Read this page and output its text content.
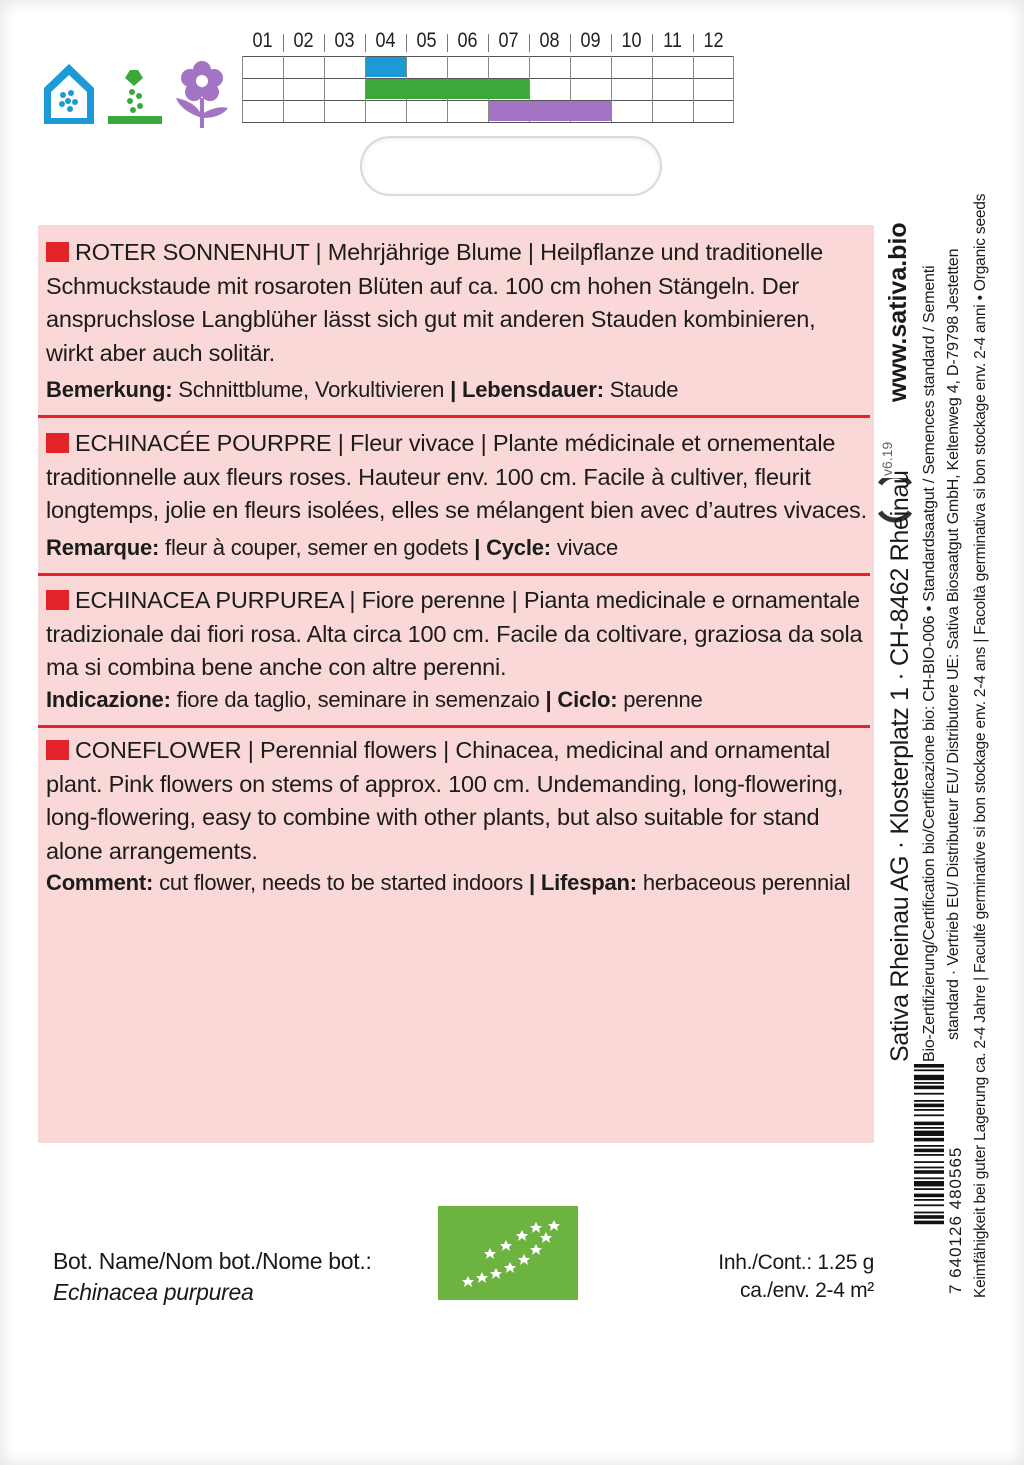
01 02 03 04 05 06 07 08 09 10	11	12

ROTER SONNENHUT | Mehrjährige Blume | Heilpflanze und traditionelle Schmuckstaude mit rosaroten Blüten auf ca. 100 cm hohen Stängeln. Der anspruchslose Langblüher lässt sich gut mit anderen Stauden kombinieren, wirkt aber auch solitär.

Bemerkung: Schnittblume, Vorkultivieren | Lebensdauer: Staude

ECHINACÉE POURPRE | Fleur vivace | Plante médicinale et ornementale traditionnelle aux fleurs roses. Hauteur env. 100 cm. Facile à cultiver, fleurit longtemps, jolie en fleurs isolées, elles se mélangent bien avec d’autres vivaces.

Remarque: fleur à couper, semer en godets | Cycle: vivace

ECHINACEA PURPUREA | Fiore perenne | Pianta medicinale e ornamentale tradizionale dai fiori rosa. Alta circa 100 cm. Facile da coltivare, graziosa da sola ma si combina bene anche con altre perenni.

Indicazione: fiore da taglio, seminare in semenzaio | Ciclo: perenne

CONEFLOWER | Perennial flowers | Chinacea, medicinal and ornamental plant. Pink flowers on stems of approx. 100 cm. Undemanding, long-flowering, long-flowering, easy to combine with other plants, but also suitable for stand alone arrangements.

Comment: cut flower, needs to be started indoors | Lifespan: herbaceous perennial

www.sativa.bio
v6.19
Sativa Rheinau AG · Klosterplatz 1 · CH-8462 Rheinau Bio-Zertifizierung/Certification bio/Certificazione bio: CH-BIO-006 • Standardsaatgut / Semences standard / Sementi standard · Vertrieb EU/ Distributeur EU/ Distributore UE: Sativa Biosaatgut GmbH, Keltenweg 4, D-79798 Jestetten Keimfähigkeit bei guter Lagerung ca. 2-4 Jahre | Faculté germinative si bon stockage env. 2-4 ans | Facoltà germinativa si bon stockage env. 2-4 anni • Organic seeds
7 640126 480565
Bot. Name/Nom bot./Nome bot.:
Echinacea purpurea
Inh./Cont.: 1.25 g
ca./env. 2-4 m²
